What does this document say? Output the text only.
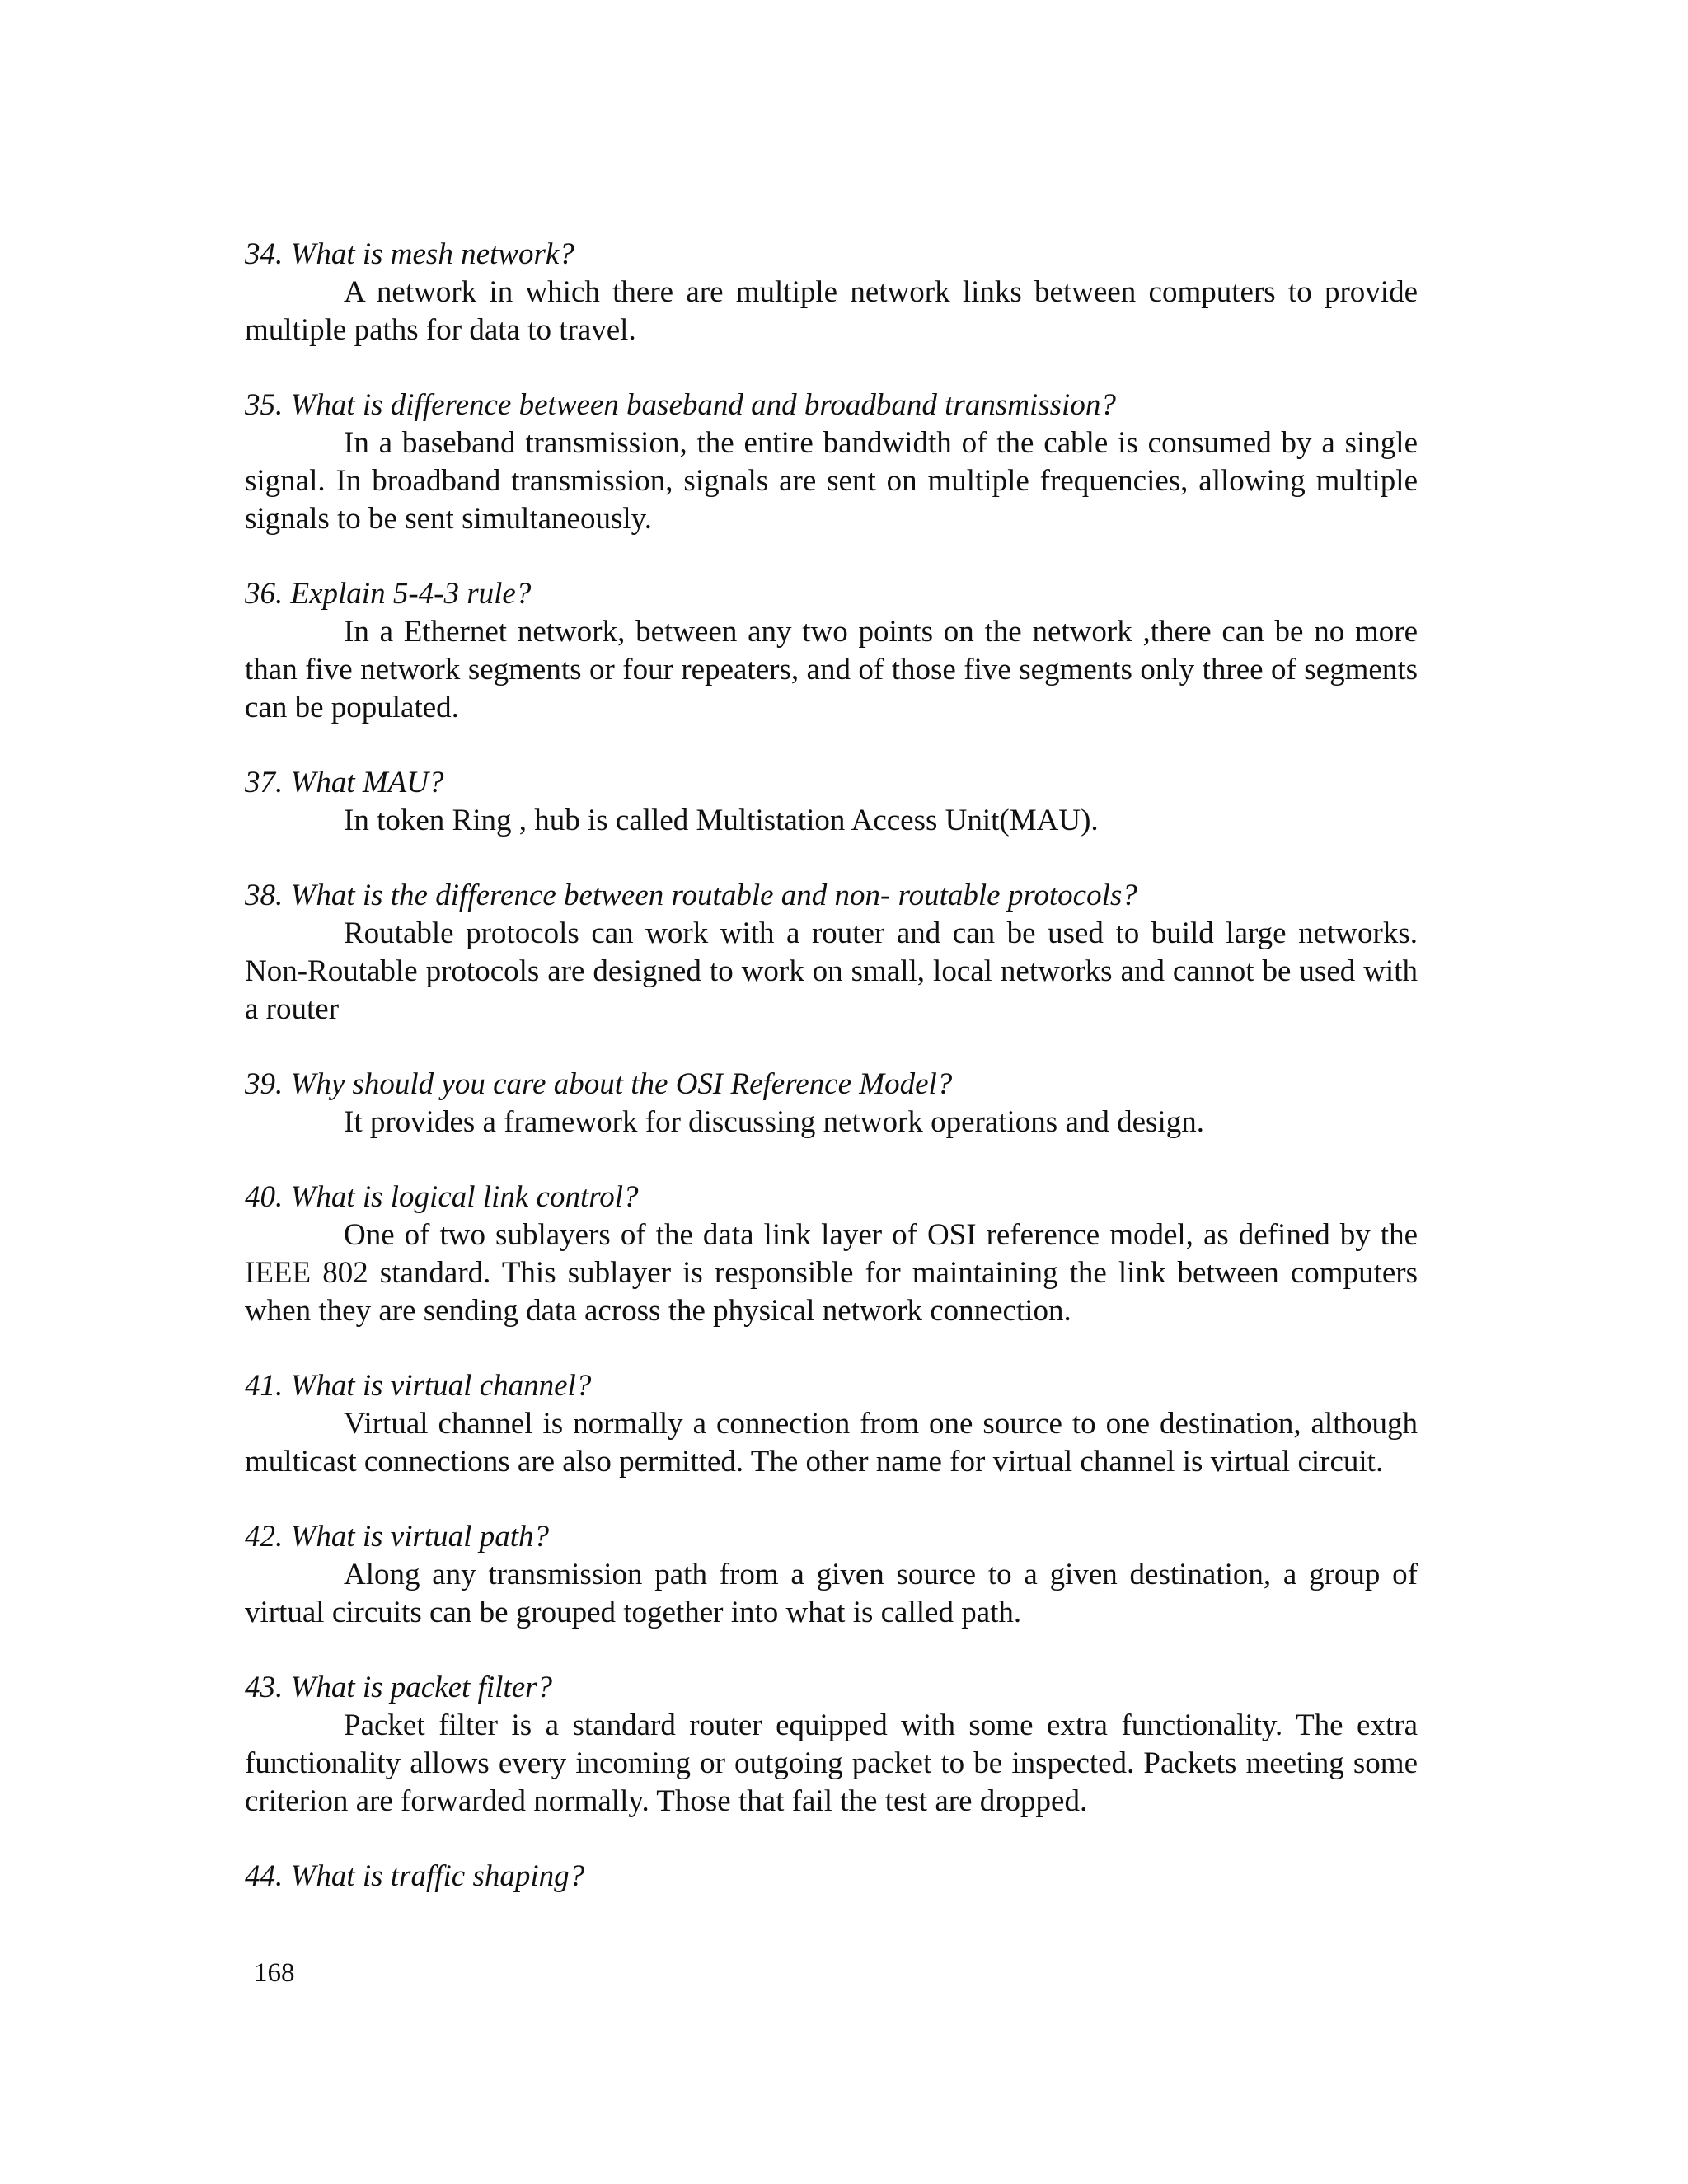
34. What is mesh network?

A network in which there are multiple network links between computers to provide multiple paths for data to travel.

35. What is difference between baseband and broadband transmission?

In a baseband transmission, the entire bandwidth of the cable is consumed by a single signal. In broadband transmission, signals are sent on multiple frequencies, allowing multiple signals to be sent simultaneously.

36. Explain 5-4-3 rule?

In a Ethernet network, between any two points on the network ,there can be no more than five network segments or four repeaters, and of those five segments only three of segments can be populated.

37. What MAU?

In token Ring , hub is called Multistation Access Unit(MAU).

38. What is the difference between routable and non- routable protocols?

Routable protocols can work with a router and can be used to build large networks. Non-Routable protocols are designed to work on small, local networks and cannot be used with a router

39. Why should you care about the OSI Reference Model?

It provides a framework for discussing network operations and design.

40. What is logical link control?

One of two sublayers of the data link layer of OSI reference model, as defined by the IEEE 802 standard. This sublayer is responsible for maintaining the link between computers when they are sending data across the physical network connection.

41. What is virtual channel?

Virtual channel is normally a connection from one source to one destination, although multicast connections are also permitted. The other name for virtual channel is virtual circuit.

42. What is virtual path?

Along any transmission path from a given source to a given destination, a group of virtual circuits can be grouped together into what is called path.

43. What is packet filter?

Packet filter is a standard router equipped with some extra functionality. The extra functionality allows every incoming or outgoing packet to be inspected. Packets meeting some criterion are forwarded normally. Those that fail the test are dropped.

44. What is traffic shaping?

168
